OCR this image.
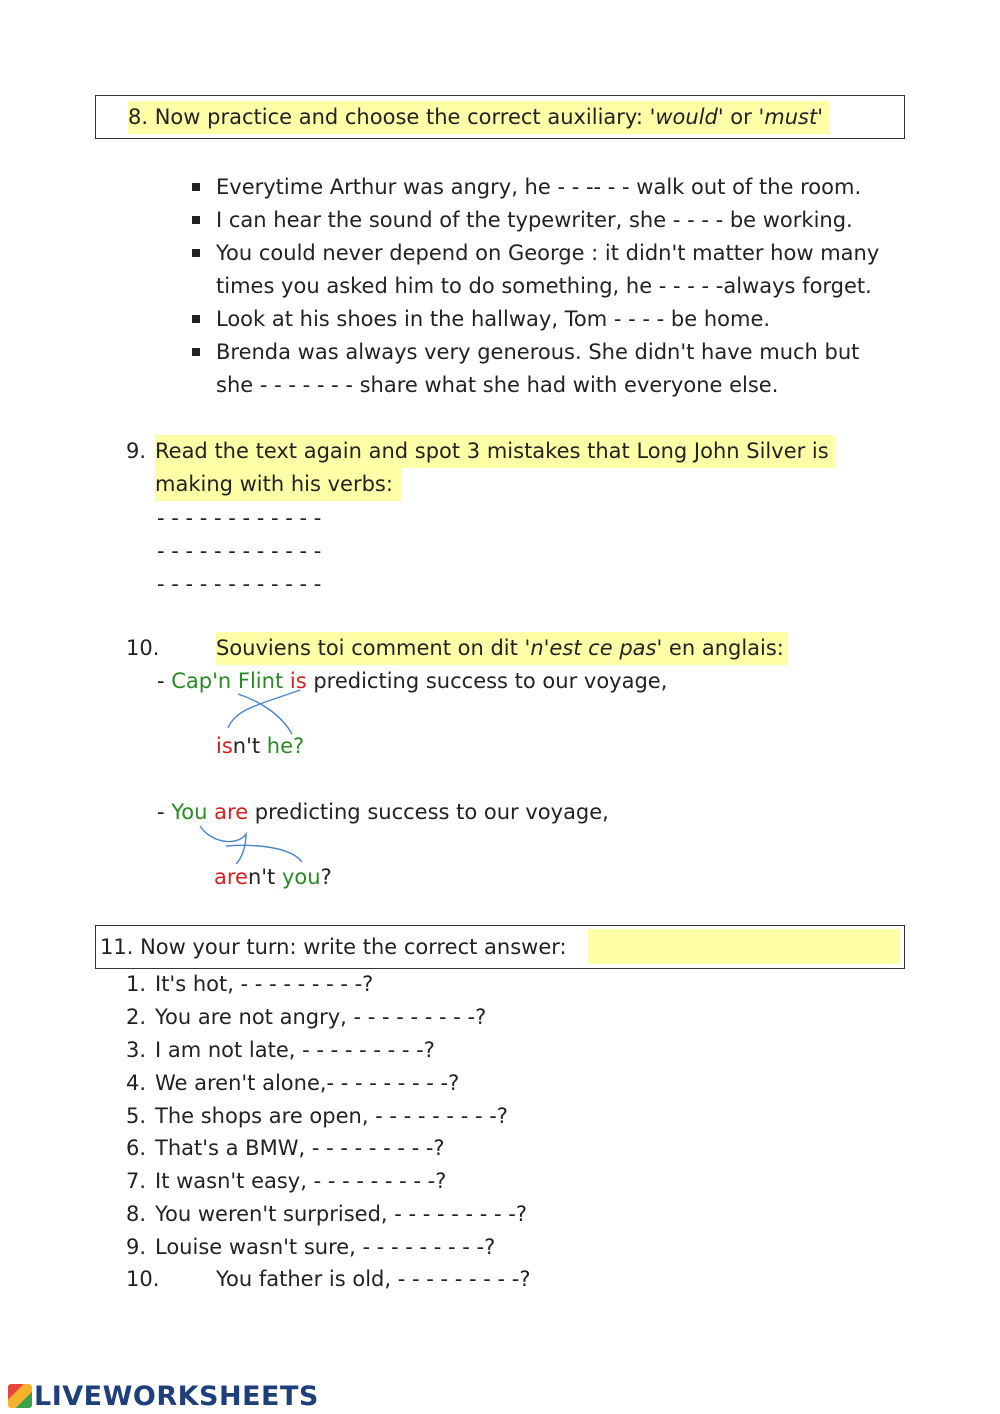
8. Now practice and choose the correct auxiliary: 'would' or 'must'
Everytime Arthur was angry, he - - -- - - walk out of the room.
I can hear the sound of the typewriter, she - - - - be working.
You could never depend on George : it didn't matter how many
times you asked him to do something, he - - - - -always forget.
Look at his shoes in the hallway, Tom - - - - be home.
Brenda was always very generous. She didn't have much but
she - - - - - - - share what she had with everyone else.
9. Read the text again and spot 3 mistakes that Long John Silver is
making with his verbs:
- - - - - - - - - - - -
- - - - - - - - - - - -
- - - - - - - - - - - -
10.	Souviens toi comment on dit 'n'est ce pas' en anglais:
- Cap'n Flint is predicting success to our voyage,
isn't he?
- You are predicting success to our voyage,
aren't you?
11. Now your turn: write the correct answer:
1. It's hot, - - - - - - - - -?
2. You are not angry, - - - - - - - - -?
3. I am not late, - - - - - - - - -?
4. We aren't alone,- - - - - - - - -?
5. The shops are open, - - - - - - - - -?
6. That's a BMW, - - - - - - - - -?
7. It wasn't easy, - - - - - - - - -?
8. You weren't surprised, - - - - - - - - -?
9. Louise wasn't sure, - - - - - - - - -?
10.	You father is old, - - - - - - - - -?
LIVEWORKSHEETS
